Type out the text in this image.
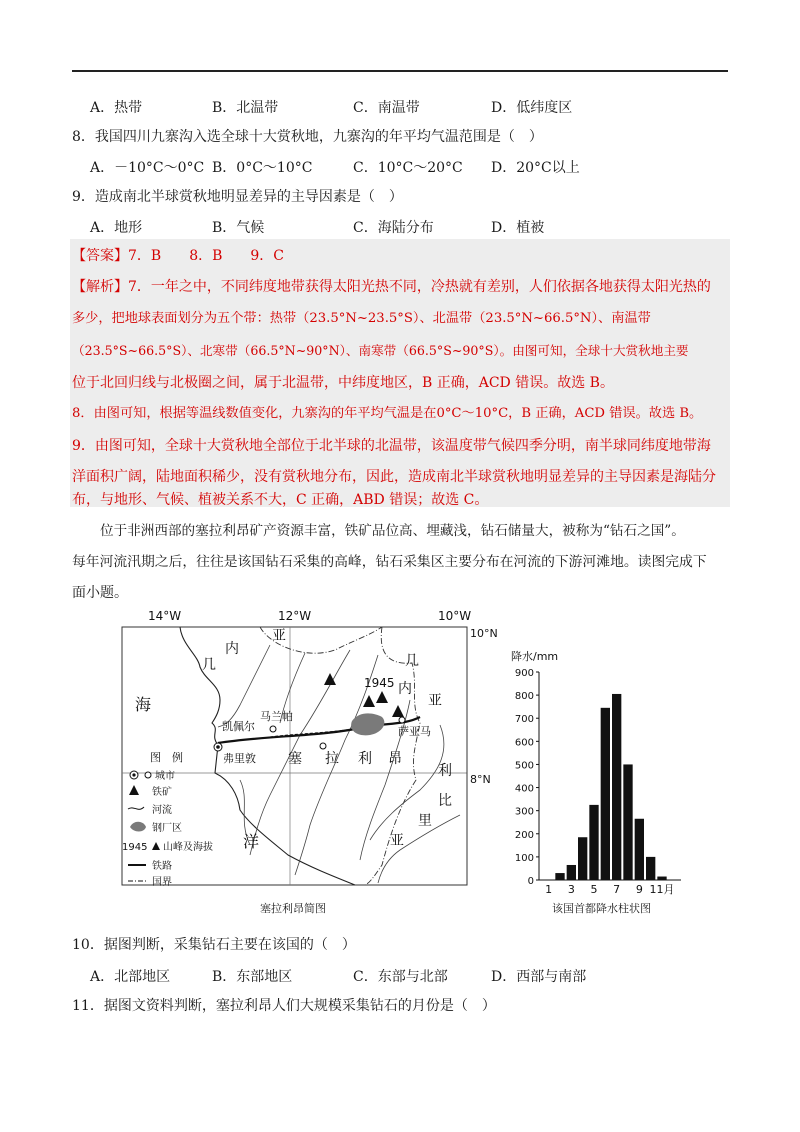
A．热带	B．北温带	C．南温带	D．低纬度区
8．我国四川九寨沟入选全球十大赏秋地，九寨沟的年平均气温范围是（　）
A．－10°C～0°C B．0°C～10°C	C．10°C～20°C D．20°C以上
9．造成南北半球赏秋地明显差异的主导因素是（　）
A．地形	B．气候	C．海陆分布	D．植被
【答案】7．B　　8．B　　9．C
【解析】7．一年之中，不同纬度地带获得太阳光热不同，冷热就有差别，人们依据各地获得太阳光热的
多少，把地球表面划分为五个带：热带（23.5°N~23.5°S）、北温带（23.5°N~66.5°N）、南温带
（23.5°S~66.5°S）、北寒带（66.5°N~90°N）、南寒带（66.5°S~90°S）。由图可知，全球十大赏秋地主要
位于北回归线与北极圈之间，属于北温带，中纬度地区，B 正确，ACD 错误。故选 B。
8．由图可知，根据等温线数值变化，九寨沟的年平均气温是在0°C～10°C，B 正确，ACD 错误。故选 B。
9．由图可知，全球十大赏秋地全部位于北半球的北温带，该温度带气候四季分明，南半球同纬度地带海
洋面积广阔，陆地面积稀少，没有赏秋地分布，因此，造成南北半球赏秋地明显差异的主导因素是海陆分
布，与地形、气候、植被关系不大，C 正确，ABD 错误；故选 C。
位于非洲西部的塞拉利昂矿产资源丰富，铁矿品位高、埋藏浅，钻石储量大，被称为“钻石之国”。
每年河流汛期之后，往往是该国钻石采集的高峰，钻石采集区主要分布在河流的下游河滩地。读图完成下
面小题。
14°W	12°W	10°W
10°N
8°N
内
亚
几	几
内
亚
海
洋
塞 拉 利 昂
利
比
里
亚
马兰帕
凯佩尔
弗里敦
萨亚马
1945
图　例
城市
铁矿
河流
钢厂区
1945 山峰及海拔
铁路
国界
塞拉利昂简图
降水/mm
0
100
200
300
400
500
600
700
800
900
1 3 5 7 9 11月
该国首都降水柱状图
10．据图判断，采集钻石主要在该国的（　）
A．北部地区	B．东部地区	C．东部与北部	D．西部与南部
11．据图文资料判断，塞拉利昂人们大规模采集钻石的月份是（　）
